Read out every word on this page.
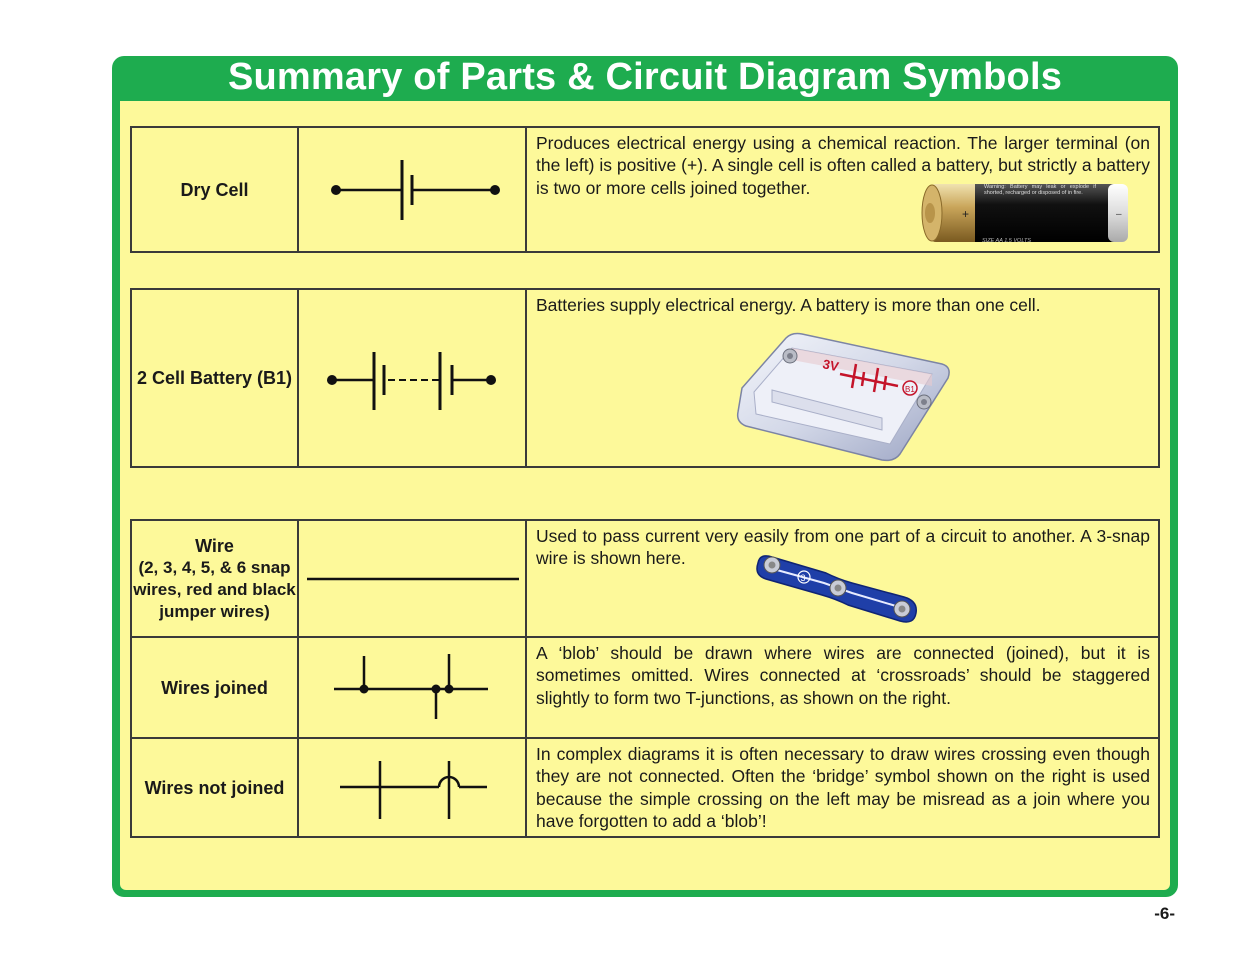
Summary of Parts & Circuit Diagram Symbols
Dry Cell
Produces electrical energy using a chemical reaction. The larger terminal (on the left) is positive (+). A single cell is often called a battery, but strictly a battery is two or more cells joined together.
+	–
Warning: Battery may leak or explode if shorted, recharged or disposed of in fire.
SIZE AA 1.5 VOLTS
2 Cell Battery (B1)
Batteries supply electrical energy. A battery is more than one cell.
3V
B1
Wire
(2, 3, 4, 5, & 6 snap wires, red and black jumper wires)
Used to pass current very easily from one part of a circuit to another. A 3-snap wire is shown here.
3
Wires joined
A ‘blob’ should be drawn where wires are connected (joined), but it is sometimes omitted. Wires connected at ‘crossroads’ should be staggered slightly to form two T-junctions, as shown on the right.
Wires not joined
In complex diagrams it is often necessary to draw wires crossing even though they are not connected. Often the ‘bridge’ symbol shown on the right is used because the simple crossing on the left may be misread as a join where you have forgotten to add a ‘blob’!
-6-
